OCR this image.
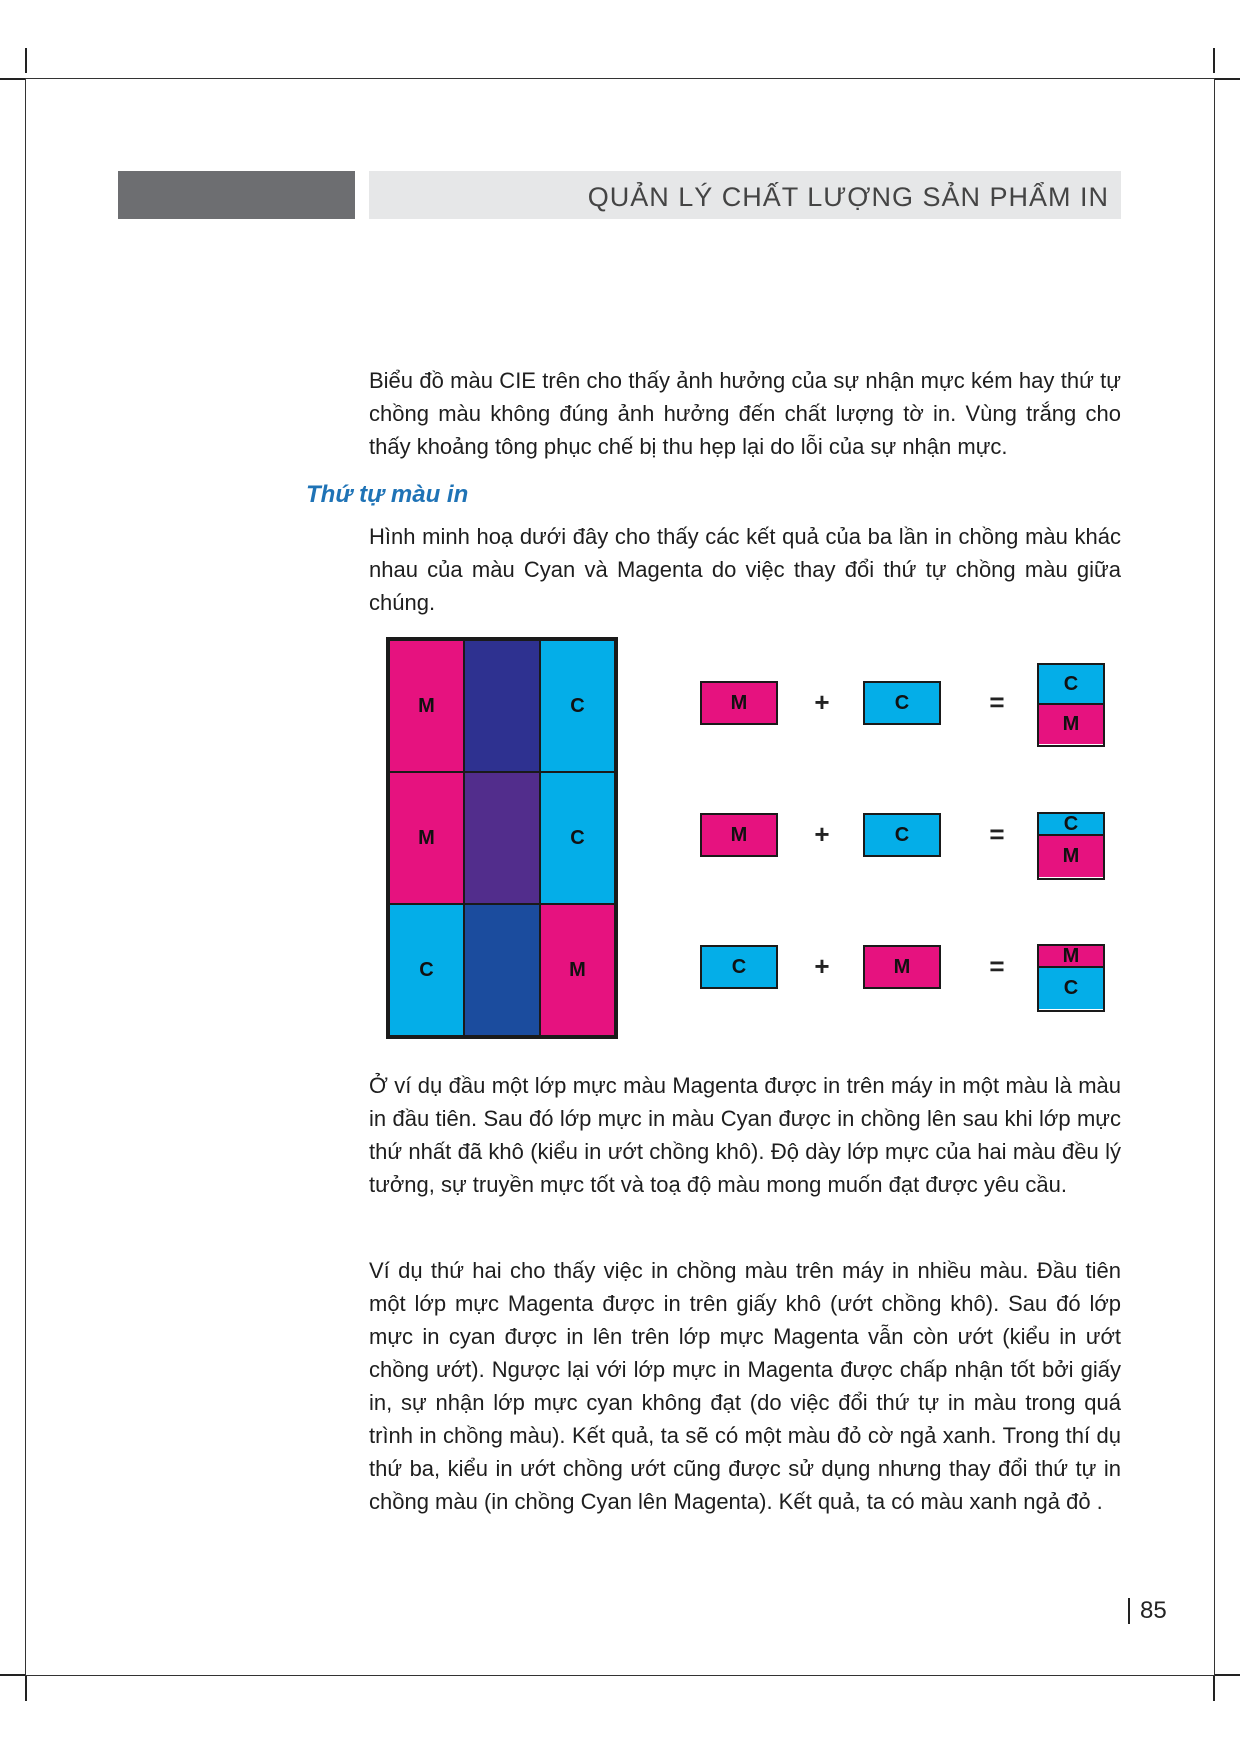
QUẢN LÝ CHẤT LƯỢNG SẢN PHẨM IN

Biểu đồ màu CIE trên cho thấy ảnh hưởng của sự nhận mực kém hay thứ tự chồng màu không đúng ảnh hưởng đến chất lượng tờ in. Vùng trắng cho thấy khoảng tông phục chế bị thu hẹp lại do lỗi của sự nhận mực.

Thứ tự màu in

Hình minh hoạ dưới đây cho thấy các kết quả của ba lần in chồng màu khác nhau của màu Cyan và Magenta do việc thay đổi thứ tự chồng màu giữa chúng.

M	C
M	C
C	M
M	+	C	=
C
M
M	+	C	=	C
M
C	+	M	=	M
C

Ở ví dụ đầu một lớp mực màu Magenta được in trên máy in một màu là màu in đầu tiên. Sau đó lớp mực in màu Cyan được in chồng lên sau khi lớp mực thứ nhất đã khô (kiểu in ướt chồng khô). Độ dày lớp mực của hai màu đều lý tưởng, sự truyền mực tốt và toạ độ màu mong muốn đạt được yêu cầu.

Ví dụ thứ hai cho thấy việc in chồng màu trên máy in nhiều màu. Đầu tiên một lớp mực Magenta được in trên giấy khô (ướt chồng khô). Sau đó lớp mực in cyan được in lên trên lớp mực Magenta vẫn còn ướt (kiểu in ướt chồng ướt). Ngược lại với lớp mực in Magenta được chấp nhận tốt bởi giấy in, sự nhận lớp mực cyan không đạt (do việc đổi thứ tự in màu trong quá trình in chồng màu). Kết quả, ta sẽ có một màu đỏ cờ ngả xanh. Trong thí dụ thứ ba, kiểu in ướt chồng ướt cũng được sử dụng nhưng thay đổi thứ tự in chồng màu (in chồng Cyan lên Magenta). Kết quả, ta có màu xanh ngả đỏ .

85
